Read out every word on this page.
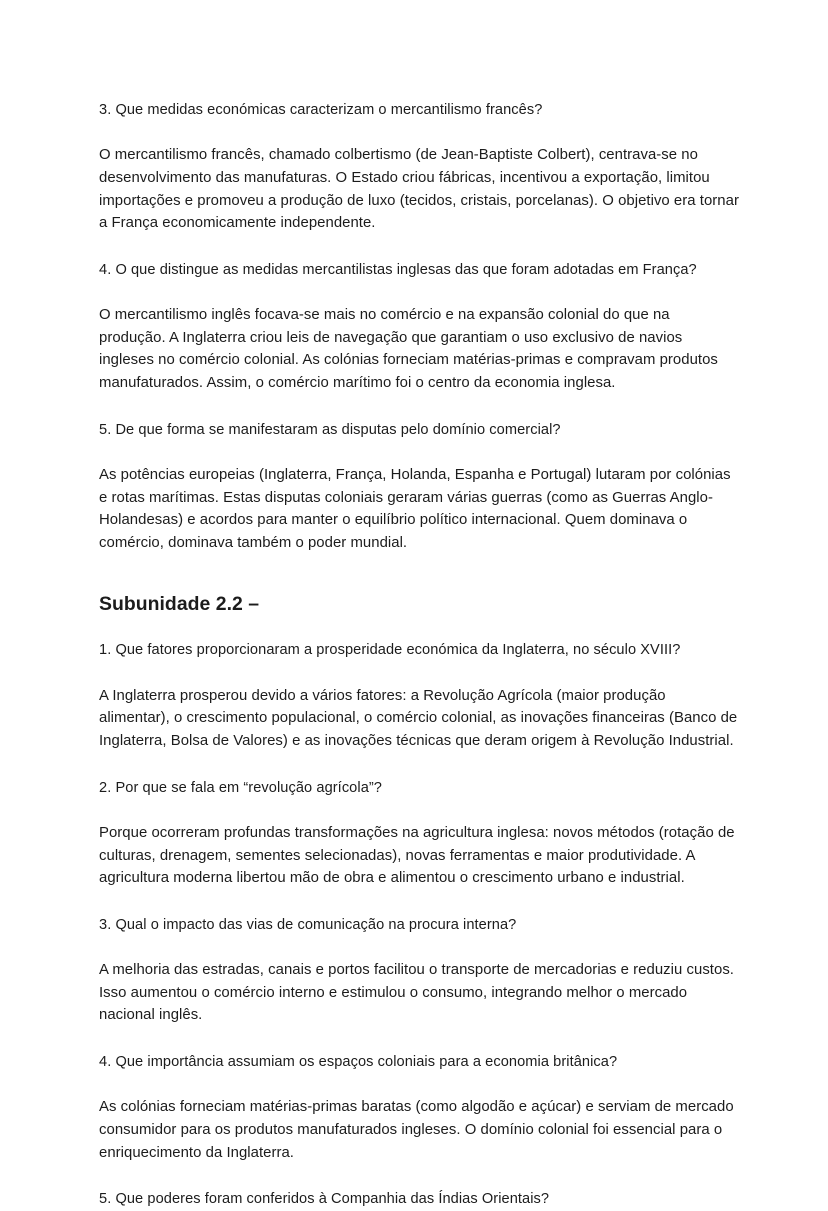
3. Que medidas económicas caracterizam o mercantilismo francês?

O mercantilismo francês, chamado colbertismo (de Jean-Baptiste Colbert), centrava-se no desenvolvimento das manufaturas. O Estado criou fábricas, incentivou a exportação, limitou importações e promoveu a produção de luxo (tecidos, cristais, porcelanas). O objetivo era tornar a França economicamente independente.

4. O que distingue as medidas mercantilistas inglesas das que foram adotadas em França?

O mercantilismo inglês focava-se mais no comércio e na expansão colonial do que na produção. A Inglaterra criou leis de navegação que garantiam o uso exclusivo de navios ingleses no comércio colonial. As colónias forneciam matérias-primas e compravam produtos manufaturados. Assim, o comércio marítimo foi o centro da economia inglesa.

5. De que forma se manifestaram as disputas pelo domínio comercial?

As potências europeias (Inglaterra, França, Holanda, Espanha e Portugal) lutaram por colónias e rotas marítimas. Estas disputas coloniais geraram várias guerras (como as Guerras Anglo-Holandesas) e acordos para manter o equilíbrio político internacional. Quem dominava o comércio, dominava também o poder mundial.

Subunidade 2.2 –

1. Que fatores proporcionaram a prosperidade económica da Inglaterra, no século XVIII?

A Inglaterra prosperou devido a vários fatores: a Revolução Agrícola (maior produção alimentar), o crescimento populacional, o comércio colonial, as inovações financeiras (Banco de Inglaterra, Bolsa de Valores) e as inovações técnicas que deram origem à Revolução Industrial.

2. Por que se fala em “revolução agrícola”?

Porque ocorreram profundas transformações na agricultura inglesa: novos métodos (rotação de culturas, drenagem, sementes selecionadas), novas ferramentas e maior produtividade. A agricultura moderna libertou mão de obra e alimentou o crescimento urbano e industrial.

3. Qual o impacto das vias de comunicação na procura interna?

A melhoria das estradas, canais e portos facilitou o transporte de mercadorias e reduziu custos. Isso aumentou o comércio interno e estimulou o consumo, integrando melhor o mercado nacional inglês.

4. Que importância assumiam os espaços coloniais para a economia britânica?

As colónias forneciam matérias-primas baratas (como algodão e açúcar) e serviam de mercado consumidor para os produtos manufaturados ingleses. O domínio colonial foi essencial para o enriquecimento da Inglaterra.

5. Que poderes foram conferidos à Companhia das Índias Orientais?
